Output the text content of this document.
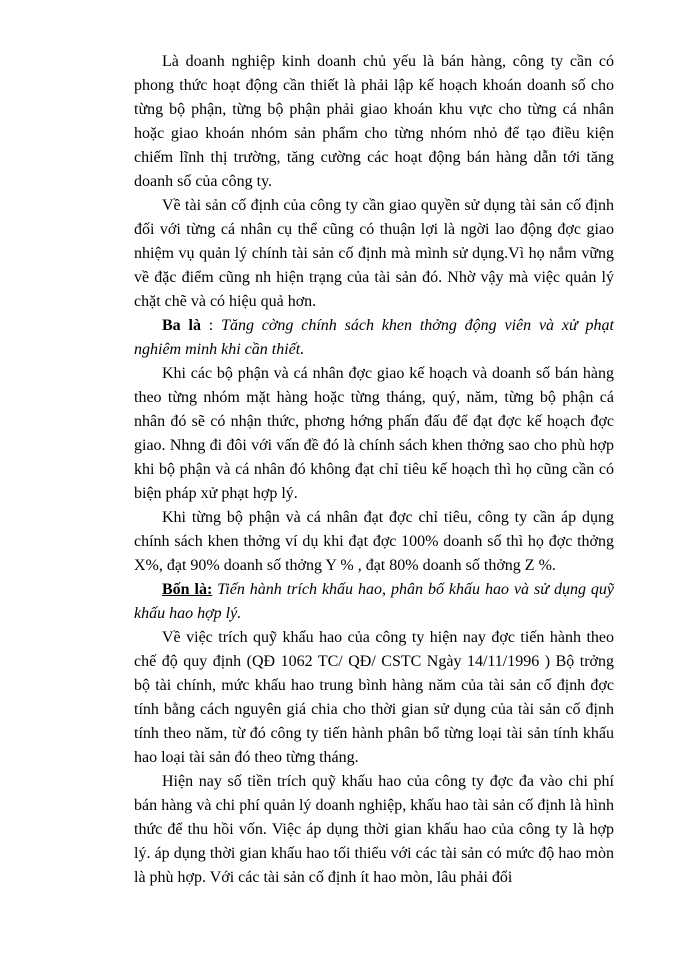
Là doanh nghiệp kinh doanh chủ yếu là bán hàng, công ty cần có phong thức hoạt động cần thiết là phải lập kế hoạch khoán doanh số cho từng bộ phận, từng bộ phận phải giao khoán khu vực cho từng cá nhân hoặc giao khoán nhóm sản phẩm cho từng nhóm nhỏ để tạo điều kiện chiếm lĩnh thị trường, tăng cường các hoạt động bán hàng dẫn tới tăng doanh số của công ty.

Về tài sản cố định của công ty cần giao quyền sử dụng tài sản cố định đối với từng cá nhân cụ thể cũng có thuận lợi là ngời lao động đợc giao nhiệm vụ quản lý chính tài sản cố định mà mình sử dụng.Vì họ nắm vững về đặc điểm cũng nh hiện trạng của tài sản đó. Nhờ vậy mà việc quản lý chặt chẽ và có hiệu quả hơn.

Ba là : Tăng cờng chính sách khen thởng động viên và xử phạt nghiêm minh khi cần thiết.

Khi các bộ phận và cá nhân đợc giao kế hoạch và doanh số bán hàng theo từng nhóm mặt hàng hoặc từng tháng, quý, năm, từng bộ phận cá nhân đó sẽ có nhận thức, phơng hớng phấn đấu để đạt đợc kế hoạch đợc giao. Nhng đi đôi với vấn đề đó là chính sách khen thởng sao cho phù hợp khi bộ phận và cá nhân đó không đạt chỉ tiêu kế hoạch thì họ cũng cần có biện pháp xử phạt hợp lý.

Khi từng bộ phận và cá nhân đạt đợc chỉ tiêu, công ty cần áp dụng chính sách khen thởng ví dụ khi đạt đợc 100% doanh số thì họ đợc thởng X%, đạt 90% doanh số thởng Y % , đạt 80% doanh số thởng Z %.

Bốn là: Tiến hành trích khấu hao, phân bổ khấu hao và sử dụng quỹ khấu hao hợp lý.

Về việc trích quỹ khấu hao của công ty hiện nay đợc tiến hành theo chế độ quy định (QĐ 1062 TC/ QĐ/ CSTC Ngày 14/11/1996 ) Bộ trởng bộ tài chính, mức khấu hao trung bình hàng năm của tài sản cố định đợc tính bằng cách nguyên giá chia cho thời gian sử dụng của tài sản cố định tính theo năm, từ đó công ty tiến hành phân bổ từng loại tài sản tính khấu hao loại tài sản đó theo từng tháng.

Hiện nay số tiền trích quỹ khấu hao của công ty đợc đa vào chi phí bán hàng và chi phí quản lý doanh nghiệp, khấu hao tài sản cố định là hình thức để thu hồi vốn. Việc áp dụng thời gian khấu hao của công ty là hợp lý. áp dụng thời gian khấu hao tối thiểu với các tài sản có mức độ hao mòn là phù hợp. Với các tài sản cố định ít hao mòn, lâu phải đổi
